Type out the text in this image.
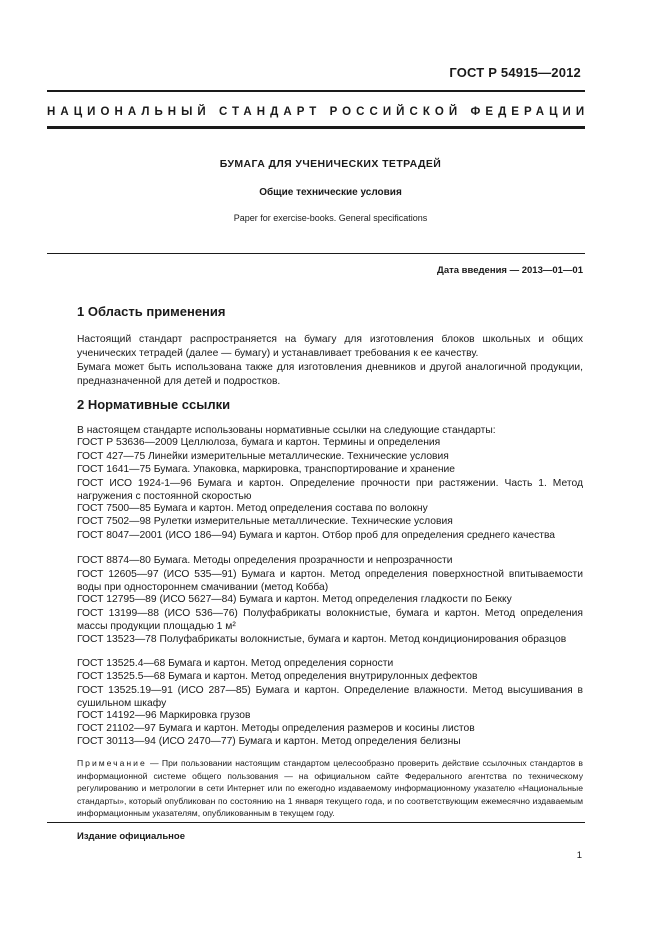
ГОСТ Р 54915—2012
НАЦИОНАЛЬНЫЙ СТАНДАРТ РОССИЙСКОЙ ФЕДЕРАЦИИ
БУМАГА ДЛЯ УЧЕНИЧЕСКИХ ТЕТРАДЕЙ
Общие технические условия
Paper for exercise-books. General specifications
Дата введения — 2013—01—01
1 Область применения
Настоящий стандарт распространяется на бумагу для изготовления блоков школьных и общих ученических тетрадей (далее — бумагу) и устанавливает требования к ее качеству.
Бумага может быть использована также для изготовления дневников и другой аналогичной продукции, предназначенной для детей и подростков.
2 Нормативные ссылки
В настоящем стандарте использованы нормативные ссылки на следующие стандарты:
ГОСТ Р 53636—2009 Целлюлоза, бумага и картон. Термины и определения
ГОСТ 427—75 Линейки измерительные металлические. Технические условия
ГОСТ 1641—75 Бумага. Упаковка, маркировка, транспортирование и хранение
ГОСТ ИСО 1924-1—96 Бумага и картон. Определение прочности при растяжении. Часть 1. Метод нагружения с постоянной скоростью
ГОСТ 7500—85 Бумага и картон. Метод определения состава по волокну
ГОСТ 7502—98 Рулетки измерительные металлические. Технические условия
ГОСТ 8047—2001 (ИСО 186—94) Бумага и картон. Отбор проб для определения среднего качества
ГОСТ 8874—80 Бумага. Методы определения прозрачности и непрозрачности
ГОСТ 12605—97 (ИСО 535—91) Бумага и картон. Метод определения поверхностной впитываемости воды при одностороннем смачивании (метод Кобба)
ГОСТ 12795—89 (ИСО 5627—84) Бумага и картон. Метод определения гладкости по Бекку
ГОСТ 13199—88 (ИСО 536—76) Полуфабрикаты волокнистые, бумага и картон. Метод определения массы продукции площадью 1 м²
ГОСТ 13523—78 Полуфабрикаты волокнистые, бумага и картон. Метод кондиционирования образцов
ГОСТ 13525.4—68 Бумага и картон. Метод определения сорности
ГОСТ 13525.5—68 Бумага и картон. Метод определения внутрирулонных дефектов
ГОСТ 13525.19—91 (ИСО 287—85) Бумага и картон. Определение влажности. Метод высушивания в сушильном шкафу
ГОСТ 14192—96 Маркировка грузов
ГОСТ 21102—97 Бумага и картон. Методы определения размеров и косины листов
ГОСТ 30113—94 (ИСО 2470—77) Бумага и картон. Метод определения белизны
Примечание — При пользовании настоящим стандартом целесообразно проверить действие ссылочных стандартов в информационной системе общего пользования — на официальном сайте Федерального агентства по техническому регулированию и метрологии в сети Интернет или по ежегодно издаваемому информационному указателю «Национальные стандарты», который опубликован по состоянию на 1 января текущего года, и по соответствующим ежемесячно издаваемым информационным указателям, опубликованным в текущем году.
Издание официальное
1
